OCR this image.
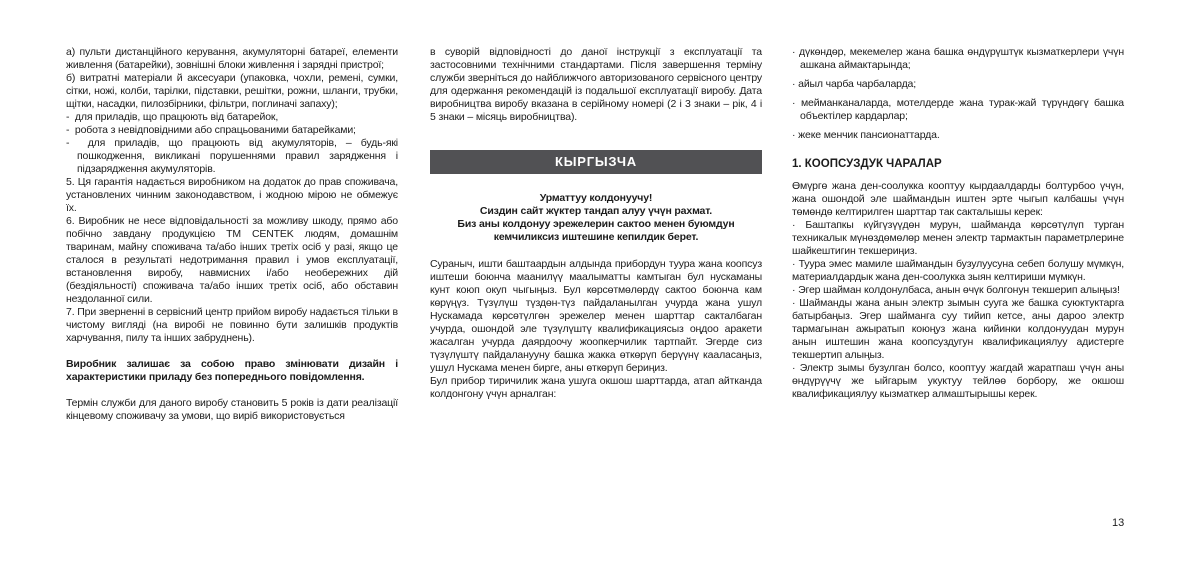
а) пульти дистанційного керування, акумуляторні батареї, елементи живлення (батарейки), зовнішні блоки живлення і зарядні пристрої;

б) витратні матеріали й аксесуари (упаковка, чохли, ремені, сумки, сітки, ножі, колби, тарілки, підставки, решітки, рожни, шланги, трубки, щітки, насадки, пилозбірники, фільтри, поглиначі запаху);

-  для приладів, що працюють від батарейок,

-  робота з невідповідними або спрацьованими батарейками;

-  для приладів, що працюють від акумуляторів, – будь-які пошкодження, викликані порушеннями правил зарядження і підзарядження акумуляторів.

5. Ця гарантія надається виробником на додаток до прав споживача, установлених чинним законодавством, і жодною мірою не обмежує їх.

6. Виробник не несе відповідальності за можливу шкоду, прямо або побічно завдану продукцією ТМ CENTEK людям, домашнім тваринам, майну споживача та/або інших третіх осіб у разі, якщо це сталося в результаті недотримання правил і умов експлуатації, встановлення виробу, навмисних і/або необережних дій (бездіяльності) споживача та/або інших третіх осіб, або обставин нездоланної сили.

7. При зверненні в сервісний центр прийом виробу надається тільки в чистому вигляді (на виробі не повинно бути залишків продуктів харчування, пилу та інших забруднень).

Виробник залишає за собою право змінювати дизайн і характеристики приладу без попереднього повідомлення.

Термін служби для даного виробу становить 5 років із дати реалізації кінцевому споживачу за умови, що виріб використовується

в суворій відповідності до даної інструкції з експлуатації та застосовними технічними стандартами. Після завершення терміну служби зверніться до найближчого авторизованого сервісного центру для одержання рекомендацій із подальшої експлуатації виробу. Дата виробництва виробу вказана в серійному номері (2 і 3 знаки – рік, 4 і 5 знаки – місяць виробництва).

КЫРГЫЗЧА

Урматтуу колдонуучу!

Сиздин сайт жүктер тандап алуу үчүн рахмат.

Биз аны колдонуу эрежелерин сактоо менен буюмдун кемчиликсиз иштешине кепилдик берет.

Сураныч, ишти баштаардын алдында прибордун туура жана коопсуз иштеши боюнча маанилүү маалыматты камтыган бул нускаманы кунт коюп окуп чыгыңыз. Бул көрсөтмөлөрдү сактоо боюнча кам көрүңүз. Түзүлүш түздөн-түз пайдаланылган учурда жана ушул Нускамада көрсөтүлгөн эрежелер менен шарттар сакталбаган учурда, ошондой эле түзүлүштү квалификациясыз оңдоо аракети жасалган учурда даярдоочу жоопкерчилик тартпайт. Эгерде сиз түзүлүштү пайдаланууну башка жакка өткөрүп берүүнү кааласаңыз, ушул Нускама менен бирге, аны өткөрүп бериңиз.

Бул прибор тиричилик жана ушуга окшош шарттарда, атап айтканда колдонгону үчүн арналган:

· дүкөндөр, мекемелер жана башка өндүрүштүк кызматкерлери үчүн ашкана аймактарында;

· айыл чарба чарбаларда;

· мейманканаларда, мотелдерде жана турак-жай түрүндөгү башка объектілер кардарлар;

· жеке менчик пансионаттарда.

1. КООПСУЗДУК ЧАРАЛАР

Өмүргө жана ден-соолукка кооптуу кырдаалдарды болтурбоо үчүн, жана ошондой эле шаймандын иштен эрте чыгып калбашы үчүн төмөндө келтирилген шарттар так сакталышы керек:

· Баштапкы күйгүзүүдөн мурун, шайманда көрсөтүлүп турган техникалык мүнөздөмөлөр менен электр тармактын параметрлерине шайкештигин текшериңиз.

· Туура эмес мамиле шаймандын бузулуусуна себеп болушу мүмкүн, материалдардык жана ден-соолукка зыян келтириши мүмкүн.

· Эгер шайман колдонулбаса, анын өчүк болгонун текшерип алыңыз!

· Шайманды жана анын электр зымын сууга же башка суюктуктарга батырбаңыз. Эгер шайманга суу тийип кетсе, аны дароо электр тармагынан ажыратып коюңуз жана кийинки колдонуудан мурун анын иштешин жана коопсуздугун квалификациялуу адистерге текшертип алыңыз.

· Электр зымы бузулган болсо, кооптуу жагдай жаратпаш үчүн аны өндүрүүчү же ыйгарым укуктуу тейлөө борбору, же окшош квалификациялуу кызматкер алмаштырышы керек.

13
